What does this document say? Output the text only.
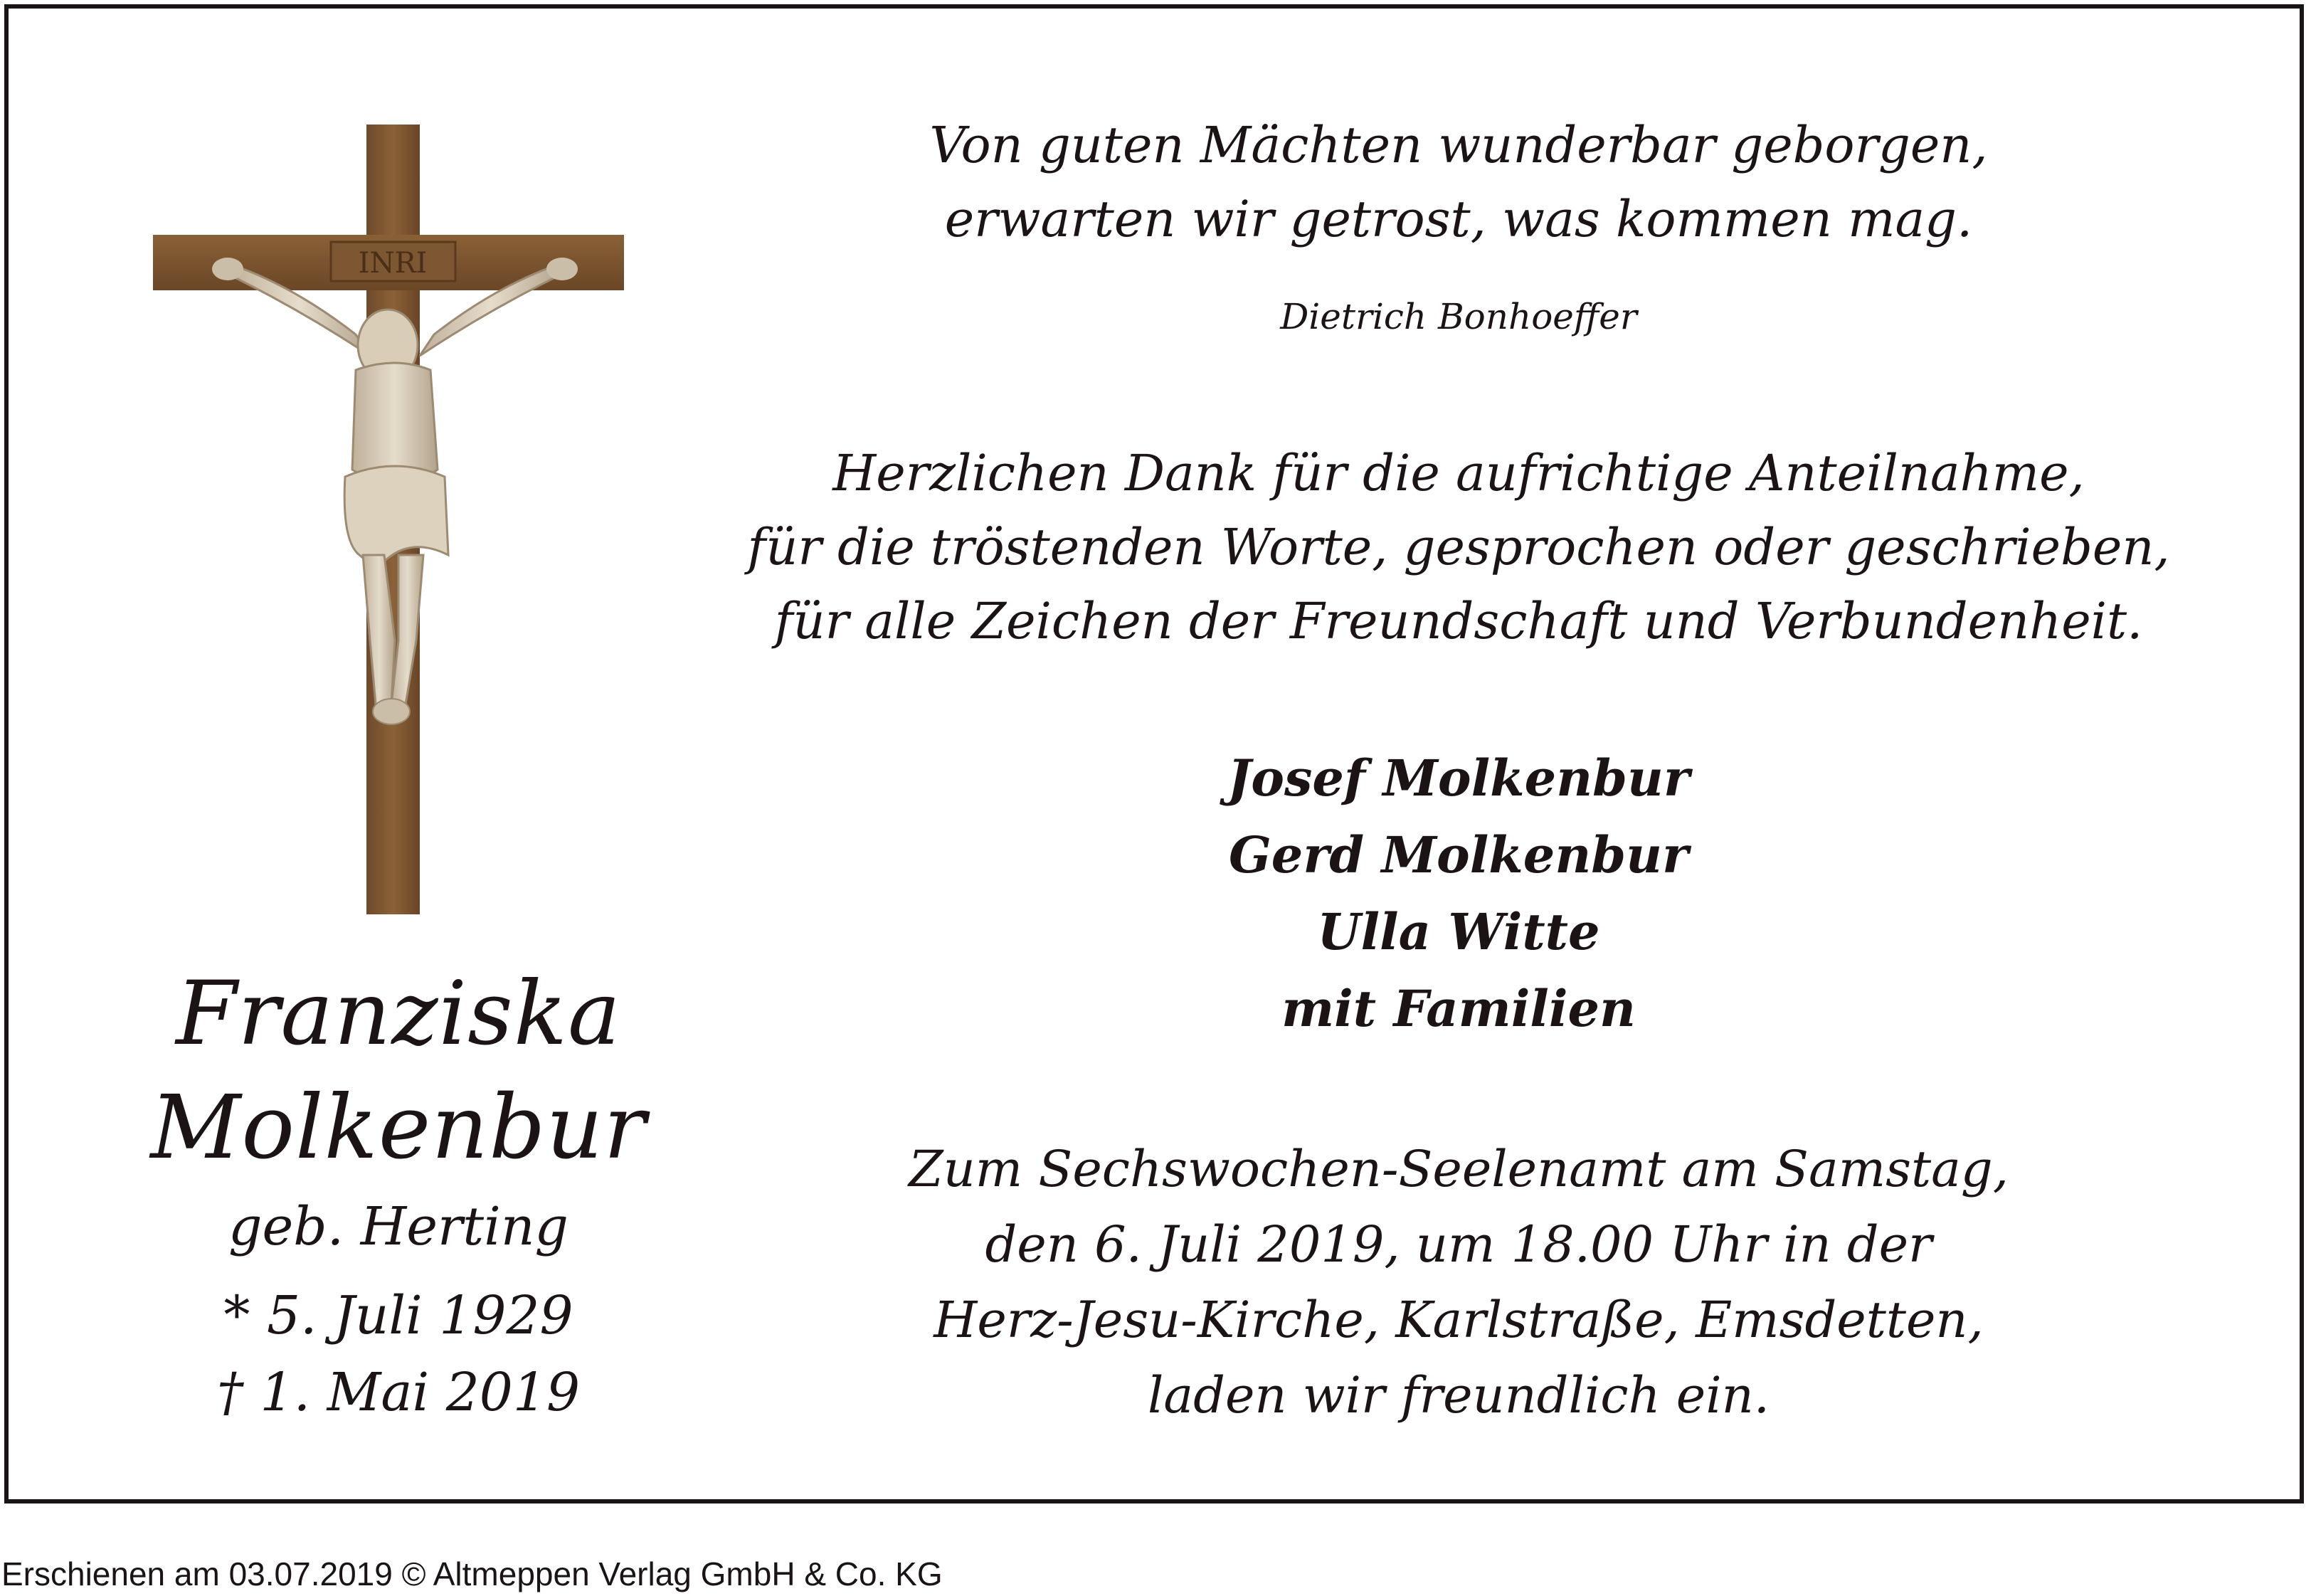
INRI
Franziska
Molkenbur
geb. Herting
* 5. Juli 1929
† 1. Mai 2019
Von guten Mächten wunderbar geborgen,
erwarten wir getrost, was kommen mag.
Dietrich Bonhoeffer
Herzlichen Dank für die aufrichtige Anteilnahme,
für die tröstenden Worte, gesprochen oder geschrieben,
für alle Zeichen der Freundschaft und Verbundenheit.
Josef Molkenbur
Gerd Molkenbur
Ulla Witte
mit Familien
Zum Sechswochen-Seelenamt am Samstag,
den 6. Juli 2019, um 18.00 Uhr in der
Herz-Jesu-Kirche, Karlstraße, Emsdetten,
laden wir freundlich ein.
Erschienen am 03.07.2019 © Altmeppen Verlag GmbH & Co. KG
